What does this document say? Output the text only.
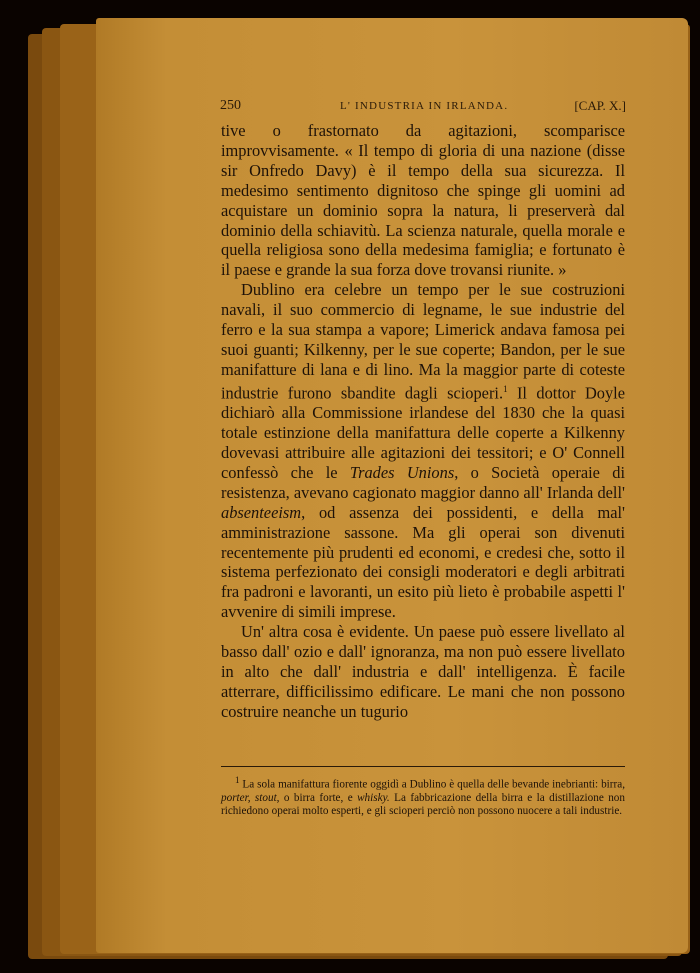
250	L' INDUSTRIA IN IRLANDA.	[CAP. X.]

tive o frastornato da agitazioni, scomparisce improvvisamente. « Il tempo di gloria di una nazione (disse sir Onfredo Davy) è il tempo della sua sicurezza. Il medesimo sentimento dignitoso che spinge gli uomini ad acquistare un dominio sopra la natura, li preserverà dal dominio della schiavitù. La scienza naturale, quella morale e quella religiosa sono della medesima famiglia; e fortunato è il paese e grande la sua forza dove trovansi riunite. »

Dublino era celebre un tempo per le sue costruzioni navali, il suo commercio di legname, le sue industrie del ferro e la sua stampa a vapore; Limerick andava famosa pei suoi guanti; Kilkenny, per le sue coperte; Bandon, per le sue manifatture di lana e di lino. Ma la maggior parte di coteste industrie furono sbandite dagli scioperi.$^1$ Il dottor Doyle dichiarò alla Commissione irlandese del 1830 che la quasi totale estinzione della manifattura delle coperte a Kilkenny dovevasi attribuire alle agitazioni dei tessitori; e O' Connell confessò che le Trades Unions, o Società operaie di resistenza, avevano cagionato maggior danno all' Irlanda dell' absenteeism, od assenza dei possidenti, e della mal' amministrazione sassone. Ma gli operai son divenuti recentemente più prudenti ed economi, e credesi che, sotto il sistema perfezionato dei consigli moderatori e degli arbitrati fra padroni e lavoranti, un esito più lieto è probabile aspetti l' avvenire di simili imprese.

Un' altra cosa è evidente. Un paese può essere livellato al basso dall' ozio e dall' ignoranza, ma non può essere livellato in alto che dall' industria e dall' intelligenza. È facile atterrare, difficilissimo edificare. Le mani che non possono costruire neanche un tugurio

$^1$ La sola manifattura fiorente oggidì a Dublino è quella delle bevande inebrianti: birra, porter, stout, o birra forte, e whisky. La fabbricazione della birra e la distillazione non richiedono operai molto esperti, e gli scioperi perciò non possono nuocere a tali industrie.
